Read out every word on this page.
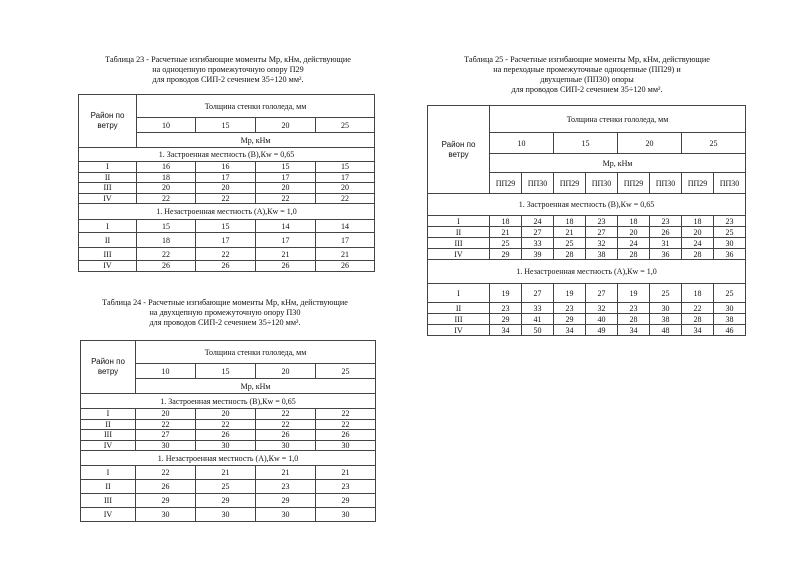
Таблица 23 - Расчетные изгибающие моменты Мр, кНм, действующие
на одноцепную промежуточную опору П29
для проводов СИП-2 сечением 35÷120 мм².
Район по
ветру	Толщина стенки гололеда, мм			
	10	15	20	25
	Мр, кНм			
1. Застроенная местность (В),Кw = 0,65				
I	16	16	15	15
II	18	17	17	17
III	20	20	20	20
IV	22	22	22	22
1. Незастроенная местность (А),Кw = 1,0				
I	15	15	14	14
II	18	17	17	17
III	22	22	21	21
IV	26	26	26	26
Таблица 24 - Расчетные изгибающие моменты Мр, кНм, действующие
на двухцепную промежуточную опору П30
для проводов СИП-2 сечением 35÷120 мм².
Район по
ветру	Толщина стенки гололеда, мм			
	10	15	20	25
	Мр, кНм			
1. Застроенная местность (В),Кw = 0,65				
I	20	20	22	22
II	22	22	22	22
III	27	26	26	26
IV	30	30	30	30
1. Незастроенная местность (А),Кw = 1,0				
I	22	21	21	21
II	26	25	23	23
III	29	29	29	29
IV	30	30	30	30
Таблица 25 - Расчетные изгибающие моменты Мр, кНм, действующие
на переходные промежуточные одноцепные (ПП29) и
двухцепные (ПП30) опоры
для проводов СИП-2 сечением 35÷120 мм².
Район по
ветру	Толщина стенки гололеда, мм							
	10		15		20		25	
	Мр, кНм							
	ПП29	ПП30	ПП29	ПП30	ПП29	ПП30	ПП29	ПП30
1. Застроенная местность (В),Кw = 0,65								
I	18	24	18	23	18	23	18	23
II	21	27	21	27	20	26	20	25
III	25	33	25	32	24	31	24	30
IV	29	39	28	38	28	36	28	36
1. Незастроенная местность (А),Кw = 1,0								
I	19	27	19	27	19	25	18	25
II	23	33	23	32	23	30	22	30
III	29	41	29	40	28	38	28	38
IV	34	50	34	49	34	48	34	46
